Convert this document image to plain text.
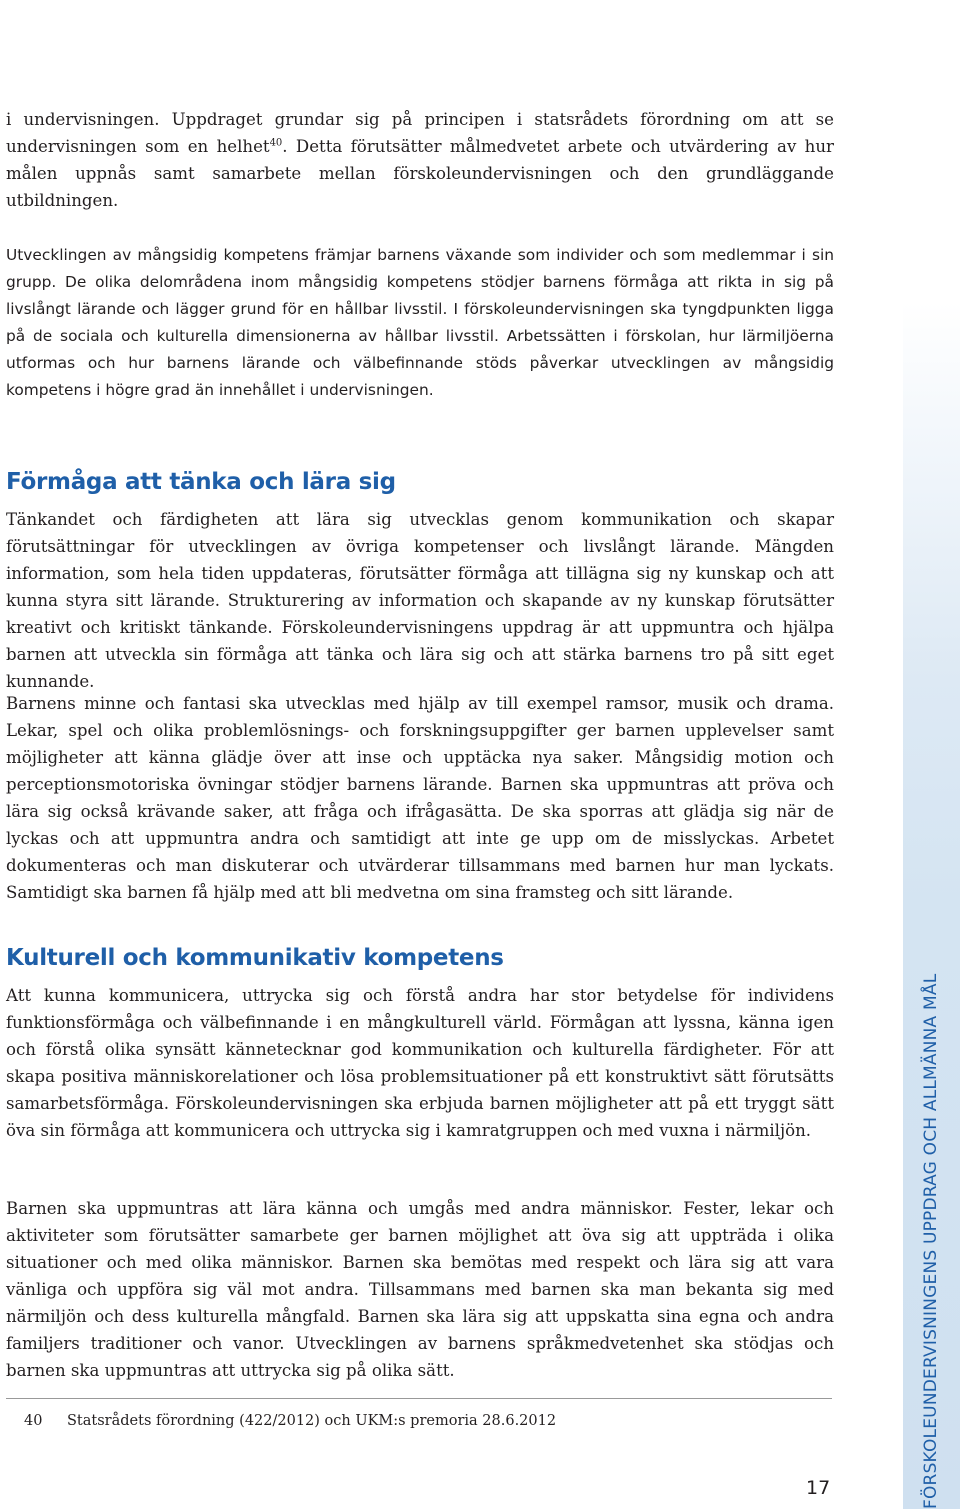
FÖRSKOLEUNDERVISNINGENS UPPDRAG OCH ALLMÄNNA MÅL

i undervisningen. Uppdraget grundar sig på principen i statsrådets förordning om att se undervisningen som en helhet$^{40}$. Detta förutsätter målmedvetet arbete och utvärdering av hur målen uppnås samt samarbete mellan förskoleundervisningen och den grundläggande utbildningen.

Utvecklingen av mångsidig kompetens främjar barnens växande som individer och som medlemmar i sin grupp. De olika delområdena inom mångsidig kompetens stödjer barnens förmåga att rikta in sig på livslångt lärande och lägger grund för en hållbar livsstil. I förskoleundervisningen ska tyngdpunkten ligga på de sociala och kulturella dimensionerna av hållbar livsstil. Arbetssätten i förskolan, hur lärmiljöerna utformas och hur barnens lärande och välbefinnande stöds påverkar utvecklingen av mångsidig kompetens i högre grad än innehållet i undervisningen.

Förmåga att tänka och lära sig

Tänkandet och färdigheten att lära sig utvecklas genom kommunikation och skapar förutsättningar för utvecklingen av övriga kompetenser och livslångt lärande. Mängden information, som hela tiden uppdateras, förutsätter förmåga att tillägna sig ny kunskap och att kunna styra sitt lärande. Strukturering av information och skapande av ny kunskap förutsätter kreativt och kritiskt tänkande. Förskoleundervisningens uppdrag är att uppmuntra och hjälpa barnen att utveckla sin förmåga att tänka och lära sig och att stärka barnens tro på sitt eget kunnande.

Barnens minne och fantasi ska utvecklas med hjälp av till exempel ramsor, musik och drama. Lekar, spel och olika problemlösnings- och forskningsuppgifter ger barnen upplevelser samt möjligheter att känna glädje över att inse och upptäcka nya saker. Mångsidig motion och perceptionsmotoriska övningar stödjer barnens lärande. Barnen ska uppmuntras att pröva och lära sig också krävande saker, att fråga och ifrågasätta. De ska sporras att glädja sig när de lyckas och att uppmuntra andra och samtidigt att inte ge upp om de misslyckas. Arbetet dokumenteras och man diskuterar och utvärderar tillsammans med barnen hur man lyckats. Samtidigt ska barnen få hjälp med att bli medvetna om sina framsteg och sitt lärande.

Kulturell och kommunikativ kompetens

Att kunna kommunicera, uttrycka sig och förstå andra har stor betydelse för individens funktionsförmåga och välbefinnande i en mångkulturell värld. Förmågan att lyssna, känna igen och förstå olika synsätt kännetecknar god kommunikation och kulturella färdigheter. För att skapa positiva människorelationer och lösa problemsituationer på ett konstruktivt sätt förutsätts samarbetsförmåga. Förskoleundervisningen ska erbjuda barnen möjligheter att på ett tryggt sätt öva sin förmåga att kommunicera och uttrycka sig i kamratgruppen och med vuxna i närmiljön.

Barnen ska uppmuntras att lära känna och umgås med andra människor. Fester, lekar och aktiviteter som förutsätter samarbete ger barnen möjlighet att öva sig att uppträda i olika situationer och med olika människor. Barnen ska bemötas med respekt och lära sig att vara vänliga och uppföra sig väl mot andra. Tillsammans med barnen ska man bekanta sig med närmiljön och dess kulturella mångfald. Barnen ska lära sig att uppskatta sina egna och andra familjers traditioner och vanor. Utvecklingen av barnens språkmedvetenhet ska stödjas och barnen ska uppmuntras att uttrycka sig på olika sätt.

40 Statsrådets förordning (422/2012) och UKM:s premoria 28.6.2012
17
